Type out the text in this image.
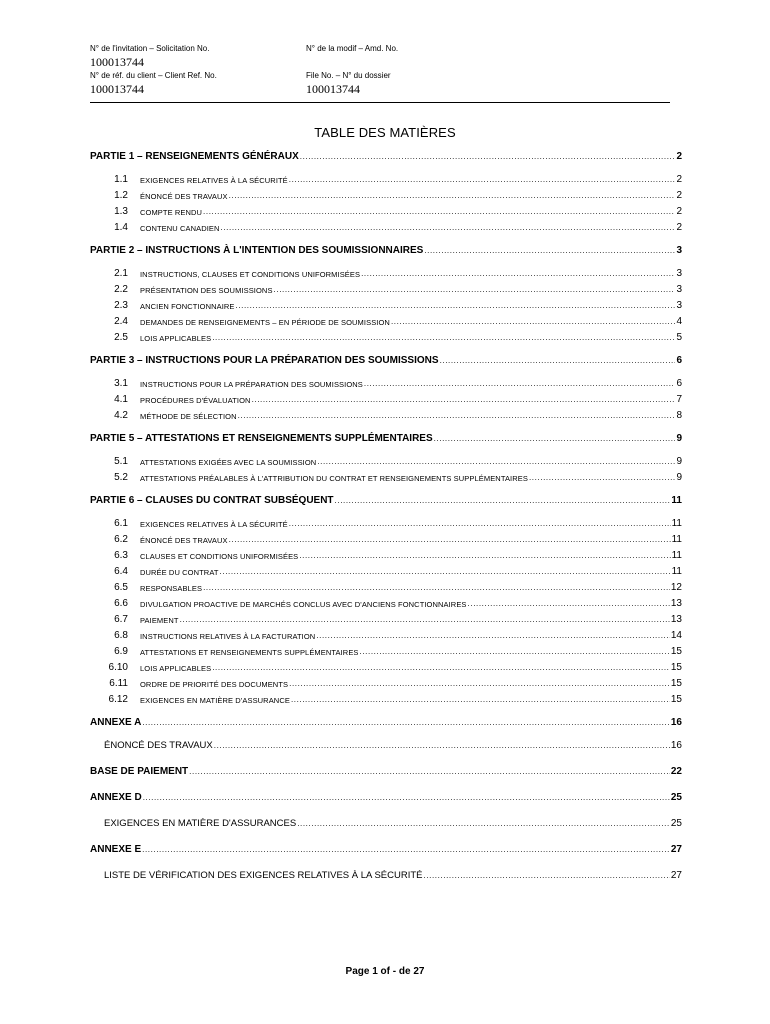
N° de l'invitation – Solicitation No.
100013744
N° de la modif – Amd. No.
N° de réf. du client – Client Ref. No.
100013744
File No. – N° du dossier
100013744
TABLE DES MATIÈRES
PARTIE 1 – RENSEIGNEMENTS GÉNÉRAUX .....	2
1.1	EXIGENCES RELATIVES À LA SÉCURITÉ .....	2
1.2	ÉNONCÉ DES TRAVAUX .....	2
1.3	COMPTE RENDU .....	2
1.4	CONTENU CANADIEN .....	2
PARTIE 2 – INSTRUCTIONS À L'INTENTION DES SOUMISSIONNAIRES .....	3
2.1	INSTRUCTIONS, CLAUSES ET CONDITIONS UNIFORMISÉES .....	3
2.2	PRÉSENTATION DES SOUMISSIONS .....	3
2.3	ANCIEN FONCTIONNAIRE .....	3
2.4	DEMANDES DE RENSEIGNEMENTS – EN PÉRIODE DE SOUMISSION .....	4
2.5	LOIS APPLICABLES .....	5
PARTIE 3 – INSTRUCTIONS POUR LA PRÉPARATION DES SOUMISSIONS .....	6
3.1	INSTRUCTIONS POUR LA PRÉPARATION DES SOUMISSIONS .....	6
4.1	PROCÉDURES D'ÉVALUATION .....	7
4.2	MÉTHODE DE SÉLECTION .....	8
PARTIE 5 – ATTESTATIONS ET RENSEIGNEMENTS SUPPLÉMENTAIRES .....	9
5.1	ATTESTATIONS EXIGÉES AVEC LA SOUMISSION .....	9
5.2	ATTESTATIONS PRÉALABLES À L'ATTRIBUTION DU CONTRAT ET RENSEIGNEMENTS SUPPLÉMENTAIRES .....	9
PARTIE 6 – CLAUSES DU CONTRAT SUBSÉQUENT .....	11
6.1	EXIGENCES RELATIVES À LA SÉCURITÉ .....	11
6.2	ÉNONCÉ DES TRAVAUX .....	11
6.3	CLAUSES ET CONDITIONS UNIFORMISÉES .....	11
6.4	DURÉE DU CONTRAT .....	11
6.5	RESPONSABLES .....	12
6.6	DIVULGATION PROACTIVE DE MARCHÉS CONCLUS AVEC D'ANCIENS FONCTIONNAIRES .....	13
6.7	PAIEMENT .....	13
6.8	INSTRUCTIONS RELATIVES À LA FACTURATION .....	14
6.9	ATTESTATIONS ET RENSEIGNEMENTS SUPPLÉMENTAIRES .....	15
6.10	LOIS APPLICABLES .....	15
6.11	ORDRE DE PRIORITÉ DES DOCUMENTS .....	15
6.12	EXIGENCES EN MATIÈRE D'ASSURANCE .....	15
ANNEXE A .....	16
ÉNONCÉ DES TRAVAUX .....	16
BASE DE PAIEMENT .....	22
ANNEXE D .....	25
EXIGENCES EN MATIÈRE D'ASSURANCES .....	25
ANNEXE E .....	27
LISTE DE VÉRIFICATION DES EXIGENCES RELATIVES À LA SÉCURITÉ .....	27
Page 1 of - de 27
